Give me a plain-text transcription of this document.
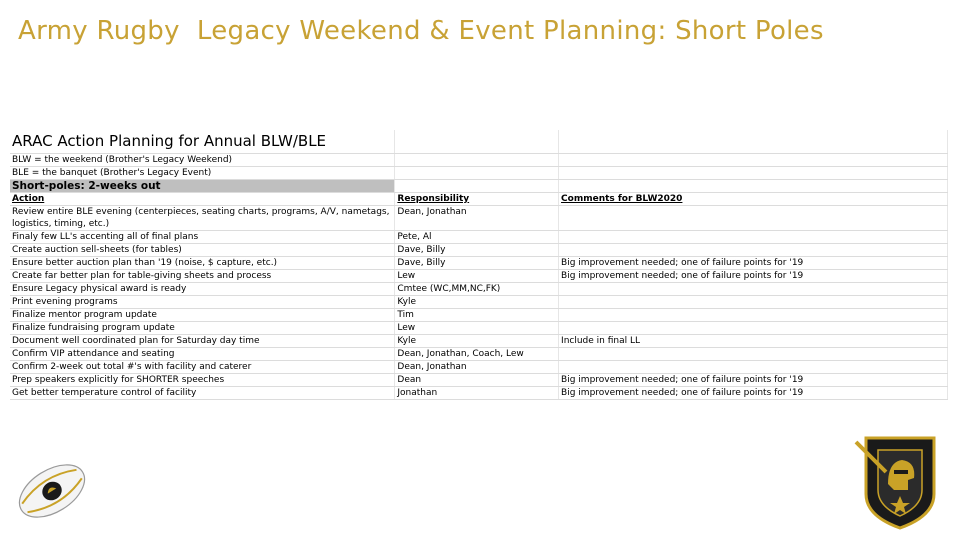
Army Rugby  Legacy Weekend & Event Planning: Short Poles
ARAC Action Planning for Annual BLW/BLE		
BLW = the weekend (Brother's Legacy Weekend)		
BLE = the banquet (Brother's Legacy Event)		
Short-poles: 2-weeks out		
Action	Responsibility	Comments for BLW2020
Review entire BLE evening (centerpieces, seating charts, programs, A/V, nametags, logistics, timing, etc.)	Dean, Jonathan	
Finaly few LL's accenting all of final plans	Pete, Al	
Create auction sell-sheets (for tables)	Dave, Billy	
Ensure better auction plan than '19 (noise, $ capture, etc.)	Dave, Billy	Big improvement needed; one of failure points for '19
Create far better plan for table-giving sheets and process	Lew	Big improvement needed; one of failure points for '19
Ensure Legacy physical award is ready	Cmtee (WC,MM,NC,FK)	
Print evening programs	Kyle	
Finalize mentor program update	Tim	
Finalize fundraising program update	Lew	
Document well coordinated plan for Saturday day time	Kyle	Include in final LL
Confirm VIP attendance and seating	Dean, Jonathan, Coach, Lew	
Confirm 2-week out total #'s with facility and caterer	Dean, Jonathan	
Prep speakers explicitly for SHORTER speeches	Dean	Big improvement needed; one of failure points for '19
Get better temperature control of facility	Jonathan	Big improvement needed; one of failure points for '19
